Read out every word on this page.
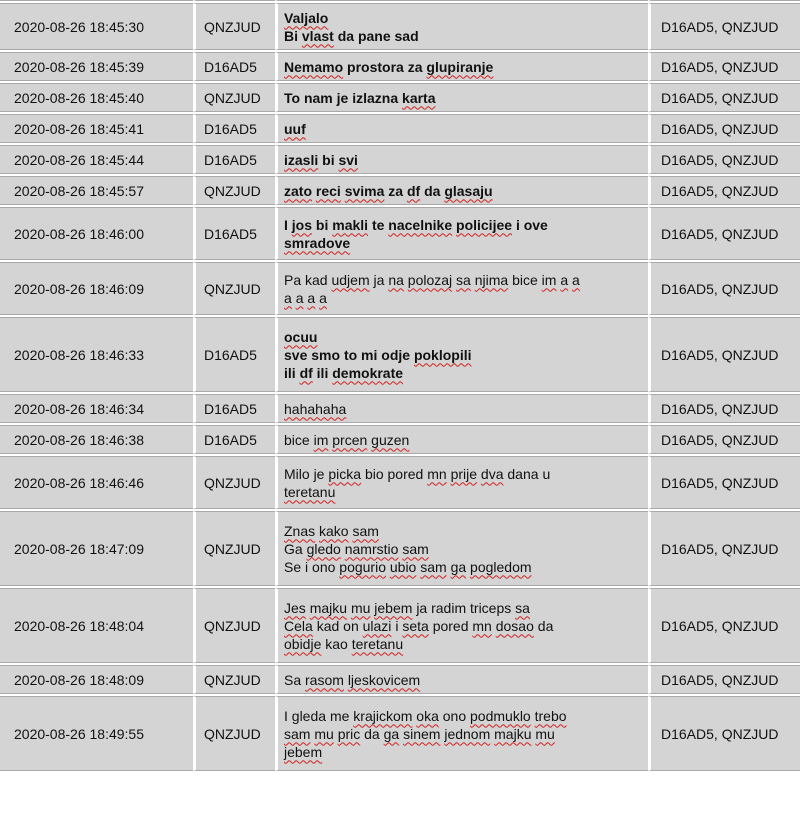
2020-08-26 18:45:30	QNZJUD	Valjalo
Bi vlast da pane sad	D16AD5, QNZJUD
2020-08-26 18:45:39	D16AD5	Nemamo prostora za glupiranje	D16AD5, QNZJUD
2020-08-26 18:45:40	QNZJUD	To nam je izlazna karta	D16AD5, QNZJUD
2020-08-26 18:45:41	D16AD5	uuf	D16AD5, QNZJUD
2020-08-26 18:45:44	D16AD5	izasli bi svi	D16AD5, QNZJUD
2020-08-26 18:45:57	QNZJUD	zato reci svima za df da glasaju	D16AD5, QNZJUD
2020-08-26 18:46:00	D16AD5	I jos bi makli te nacelnike policijee i ove
smradove	D16AD5, QNZJUD
2020-08-26 18:46:09	QNZJUD	Pa kad udjem ja na polozaj sa njima bice im a a
a a a a	D16AD5, QNZJUD
2020-08-26 18:46:33	D16AD5	ocuu
sve smo to mi odje poklopili
ili df ili demokrate	D16AD5, QNZJUD
2020-08-26 18:46:34	D16AD5	hahahaha	D16AD5, QNZJUD
2020-08-26 18:46:38	D16AD5	bice im prcen guzen	D16AD5, QNZJUD
2020-08-26 18:46:46	QNZJUD	Milo je picka bio pored mn prije dva dana u
teretanu	D16AD5, QNZJUD
2020-08-26 18:47:09	QNZJUD	Znas kako sam
Ga gledo namrstio sam
Se i ono pogurio ubio sam ga pogledom	D16AD5, QNZJUD
2020-08-26 18:48:04	QNZJUD	Jes majku mu jebem ja radim triceps sa
Cela kad on ulazi i seta pored mn dosao da
obidje kao teretanu	D16AD5, QNZJUD
2020-08-26 18:48:09	QNZJUD	Sa rasom ljeskovicem	D16AD5, QNZJUD
2020-08-26 18:49:55	QNZJUD	I gleda me krajickom oka ono podmuklo trebo
sam mu pric da ga sinem jednom majku mu
jebem	D16AD5, QNZJUD
